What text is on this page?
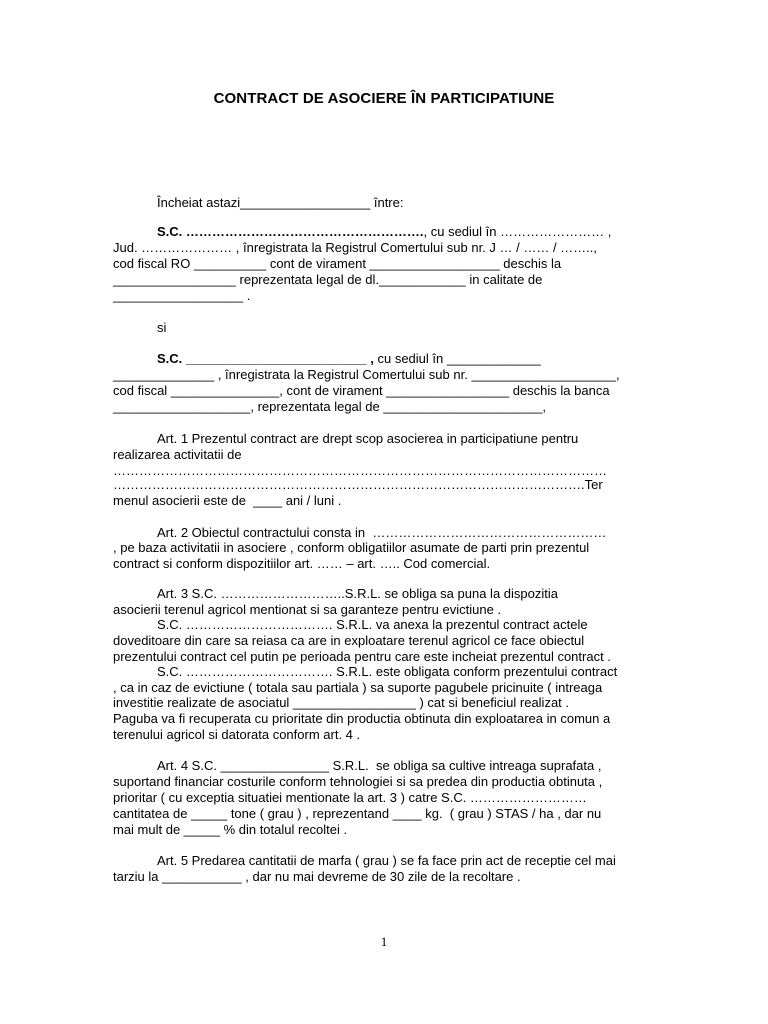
CONTRACT DE ASOCIERE ÎN PARTICIPATIUNE
Încheiat astazi__________________ între:
S.C. ………………………………………………., cu sediul în …………………… ,
Jud. ………………… , înregistrata la Registrul Comertului sub nr. J … / …… / ……..,
cod fiscal RO __________ cont de virament __________________ deschis la
_________________ reprezentata legal de dl.____________ in calitate de
__________________ .
si
S.C. _________________________ , cu sediul în _____________
______________ , înregistrata la Registrul Comertului sub nr. ____________________,
cod fiscal _______________, cont de virament _________________ deschis la banca
___________________, reprezentata legal de ______________________,
Art. 1 Prezentul contract are drept scop asocierea in participatiune pentru
realizarea activitatii de
……………………………………………………………………………………………………
……………………………………………………………………………………………….Ter
menul asocierii este de  ____ ani / luni .
Art. 2 Obiectul contractului consta in  ………………………………………………
, pe baza activitatii in asociere , conform obligatiilor asumate de parti prin prezentul
contract si conform dispozitiilor art. …… – art. ….. Cod comercial.
Art. 3 S.C. ………………………..S.R.L. se obliga sa puna la dispozitia
asocierii terenul agricol mentionat si sa garanteze pentru evictiune .
S.C. ……………………………. S.R.L. va anexa la prezentul contract actele
doveditoare din care sa reiasa ca are in exploatare terenul agricol ce face obiectul
prezentului contract cel putin pe perioada pentru care este incheiat prezentul contract .
S.C. ……………………………. S.R.L. este obligata conform prezentului contract
, ca in caz de evictiune ( totala sau partiala ) sa suporte pagubele pricinuite ( intreaga
investitie realizate de asociatul _________________ ) cat si beneficiul realizat .
Paguba va fi recuperata cu prioritate din productia obtinuta din exploatarea in comun a
terenului agricol si datorata conform art. 4 .
Art. 4 S.C. _______________ S.R.L.  se obliga sa cultive intreaga suprafata ,
suportand financiar costurile conform tehnologiei si sa predea din productia obtinuta ,
prioritar ( cu exceptia situatiei mentionate la art. 3 ) catre S.C. ………………………
cantitatea de _____ tone ( grau ) , reprezentand ____ kg.  ( grau ) STAS / ha , dar nu
mai mult de _____ % din totalul recoltei .
Art. 5 Predarea cantitatii de marfa ( grau ) se fa face prin act de receptie cel mai
tarziu la ___________ , dar nu mai devreme de 30 zile de la recoltare .
1
